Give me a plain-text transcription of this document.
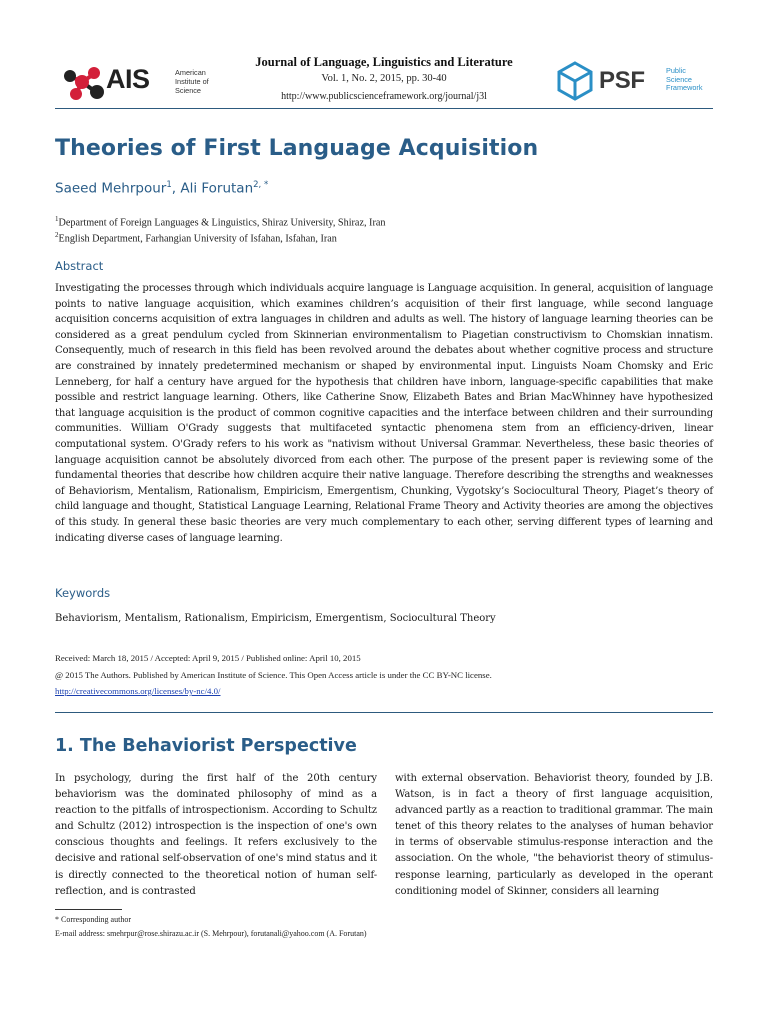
AIS	American
Institute of
Science
Journal of Language, Linguistics and Literature
Vol. 1, No. 2, 2015, pp. 30-40
http://www.publicscienceframework.org/journal/j3l
PSF	Public
Science
Framework
Theories of First Language Acquisition
Saeed Mehrpour$^1$, Ali Forutan$^{2, *}$
$^1$Department of Foreign Languages & Linguistics, Shiraz University, Shiraz, Iran
$^2$English Department, Farhangian University of Isfahan, Isfahan, Iran
Abstract

Investigating the processes through which individuals acquire language is Language acquisition. In general, acquisition of language points to native language acquisition, which examines children’s acquisition of their first language, while second language acquisition concerns acquisition of extra languages in children and adults as well. The history of language learning theories can be considered as a great pendulum cycled from Skinnerian environmentalism to Piagetian constructivism to Chomskian innatism. Consequently, much of research in this field has been revolved around the debates about whether cognitive process and structure are constrained by innately predetermined mechanism or shaped by environmental input. Linguists Noam Chomsky and Eric Lenneberg, for half a century have argued for the hypothesis that children have inborn, language-specific capabilities that make possible and restrict language learning. Others, like Catherine Snow, Elizabeth Bates and Brian MacWhinney have hypothesized that language acquisition is the product of common cognitive capacities and the interface between children and their surrounding communities. William O'Grady suggests that multifaceted syntactic phenomena stem from an efficiency-driven, linear computational system. O'Grady refers to his work as "nativism without Universal Grammar. Nevertheless, these basic theories of language acquisition cannot be absolutely divorced from each other. The purpose of the present paper is reviewing some of the fundamental theories that describe how children acquire their native language. Therefore describing the strengths and weaknesses of Behaviorism, Mentalism, Rationalism, Empiricism, Emergentism, Chunking, Vygotsky’s Sociocultural Theory, Piaget’s theory of child language and thought, Statistical Language Learning, Relational Frame Theory and Activity theories are among the objectives of this study. In general these basic theories are very much complementary to each other, serving different types of learning and indicating diverse cases of language learning.

Keywords
Behaviorism, Mentalism, Rationalism, Empiricism, Emergentism, Sociocultural Theory
Received: March 18, 2015 / Accepted: April 9, 2015 / Published online: April 10, 2015
@ 2015 The Authors. Published by American Institute of Science. This Open Access article is under the CC BY-NC license.
http://creativecommons.org/licenses/by-nc/4.0/
1. The Behaviorist Perspective

In psychology, during the first half of the 20th century behaviorism was the dominated philosophy of mind as a reaction to the pitfalls of introspectionism. According to Schultz and Schultz (2012) introspection is the inspection of one's own conscious thoughts and feelings. It refers exclusively to the decisive and rational self-observation of one's mind status and it is directly connected to the theoretical notion of human self-reflection, and is contrasted

with external observation. Behaviorist theory, founded by J.B. Watson, is in fact a theory of first language acquisition, advanced partly as a reaction to traditional grammar. The main tenet of this theory relates to the analyses of human behavior in terms of observable stimulus-response interaction and the association. On the whole, "the behaviorist theory of stimulus-response learning, particularly as developed in the operant conditioning model of Skinner, considers all learning

* Corresponding author
E-mail address: smehrpur@rose.shirazu.ac.ir (S. Mehrpour), forutanali@yahoo.com (A. Forutan)
